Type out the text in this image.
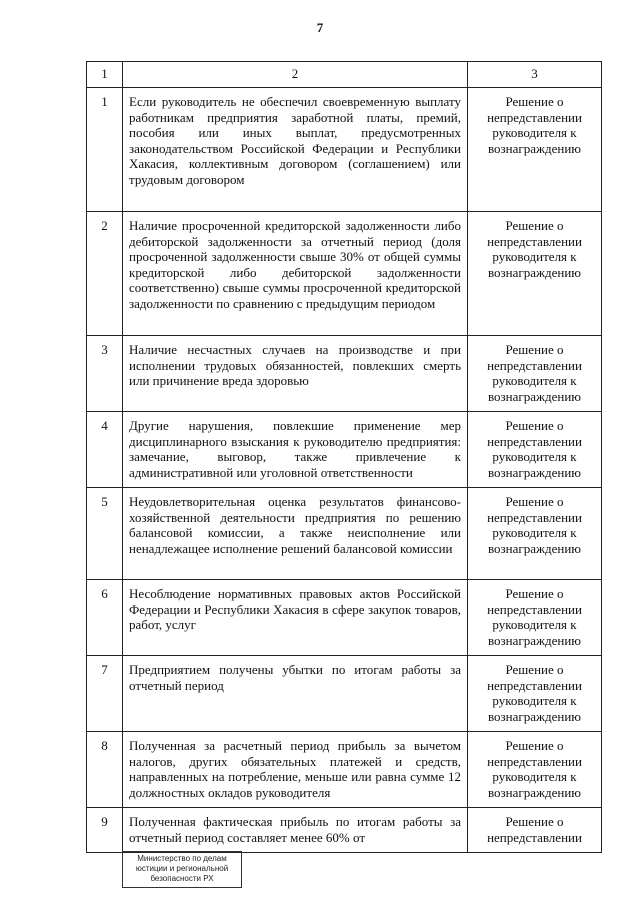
7
1	2	3
1	Если руководитель не обеспечил своевременную выплату работникам предприятия заработной платы, премий, пособия или иных выплат, предусмотренных законодательством Российской Федерации и Республики Хакасия, коллективным договором (соглашением) или трудовым договором	Решение о непредставлении руководителя к вознаграждению
2	Наличие просроченной кредиторской задолженности либо дебиторской задолженности за отчетный период (доля просроченной задолженности свыше 30% от общей суммы кредиторской либо дебиторской задолженности соответственно) свыше суммы просроченной кредиторской задолженности по сравнению с предыдущим периодом	Решение о непредставлении руководителя к вознаграждению
3	Наличие несчастных случаев на производстве и при исполнении трудовых обязанностей, повлекших смерть или причинение вреда здоровью	Решение о непредставлении руководителя к вознаграждению
4	Другие нарушения, повлекшие применение мер дисциплинарного взыскания к руководителю предприятия: замечание, выговор, также привлечение к административной или уголовной ответственности	Решение о непредставлении руководителя к вознаграждению
5	Неудовлетворительная оценка результатов финансово-хозяйственной деятельности предприятия по решению балансовой комиссии, а также неисполнение или ненадлежащее исполнение решений балансовой комиссии	Решение о непредставлении руководителя к вознаграждению
6	Несоблюдение нормативных правовых актов Российской Федерации и Республики Хакасия в сфере закупок товаров, работ, услуг	Решение о непредставлении руководителя к вознаграждению
7	Предприятием получены убытки по итогам работы за отчетный период	Решение о непредставлении руководителя к вознаграждению
8	Полученная за расчетный период прибыль за вычетом налогов, других обязательных платежей и средств, направленных на потребление, меньше или равна сумме 12 должностных окладов руководителя	Решение о непредставлении руководителя к вознаграждению
9	Полученная фактическая прибыль по итогам работы за отчетный период составляет менее 60% от	Решение о непредставлении
Министерство по делам
юстиции и региональной
безопасности РХ
